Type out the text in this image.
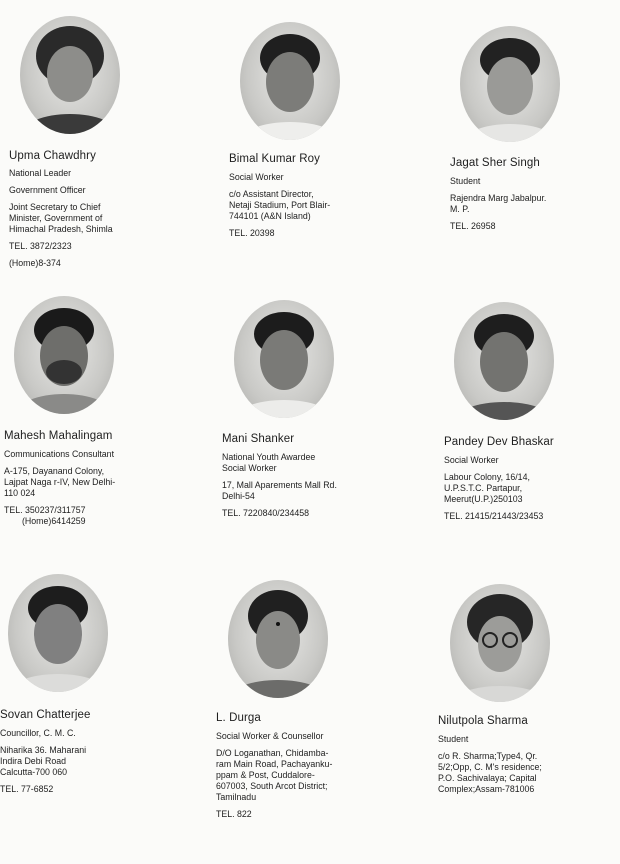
Upma Chawdhry
National Leader
Government Officer
Joint Secretary to Chief
Minister, Government of
Himachal Pradesh, Shimla
TEL. 3872/2323
(Home)8-374
Bimal Kumar Roy
Social Worker
c/o Assistant Director,
Netaji Stadium, Port Blair-
744101 (A&N Island)
TEL. 20398
Jagat Sher Singh
Student
Rajendra Marg Jabalpur.
M. P.
TEL. 26958
Mahesh Mahalingam
Communications Consultant
A-175, Dayanand Colony,
Lajpat Naga r-IV, New Delhi-
110 024
TEL. 350237/311757
(Home)6414259
Mani Shanker
National Youth Awardee
Social Worker
17, Mall Aparements Mall Rd.
Delhi-54
TEL. 7220840/234458
Pandey Dev Bhaskar
Social Worker
Labour Colony, 16/14,
U.P.S.T.C. Partapur,
Meerut(U.P.)250103
TEL. 21415/21443/23453
Sovan Chatterjee
Councillor, C. M. C.
Niharika 36. Maharani
Indira Debi Road
Calcutta-700 060
TEL. 77-6852
L. Durga
Social Worker & Counsellor
D/O Loganathan, Chidamba-
ram Main Road, Pachayanku-
ppam & Post, Cuddalore-
607003, South Arcot District;
Tamilnadu
TEL. 822
Nilutpola Sharma
Student
c/o R. Sharma;Type4, Qr.
5/2;Opp, C. M's residence;
P.O. Sachivalaya; Capital
Complex;Assam-781006
